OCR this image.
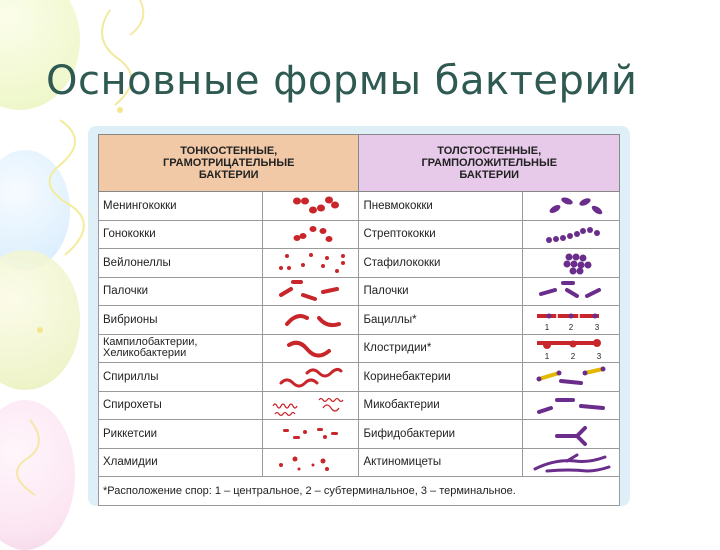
Основные формы бактерий
ТОНКОСТЕННЫЕ,
ГРАМОТРИЦАТЕЛЬНЫЕ
БАКТЕРИИ		ТОЛСТОСТЕННЫЕ,
ГРАМПОЛОЖИТЕЛЬНЫЕ
БАКТЕРИИ	
Менингококки		Пневмококки	

Гонококки		Стрептококки	

Вейлонеллы		Стафилококки	

Палочки		Палочки	

Вибрионы		Бациллы*	1 2 3

Кампилобактерии,
Хеликобактерии		Клостридии*	1 2 3

Спириллы		Коринебактерии	

Спирохеты		Микобактерии	

Риккетсии		Бифидобактерии	

Хламидии		Актиномицеты	

*Расположение спор: 1 – центральное, 2 – субтерминальное, 3 – терминальное.			
